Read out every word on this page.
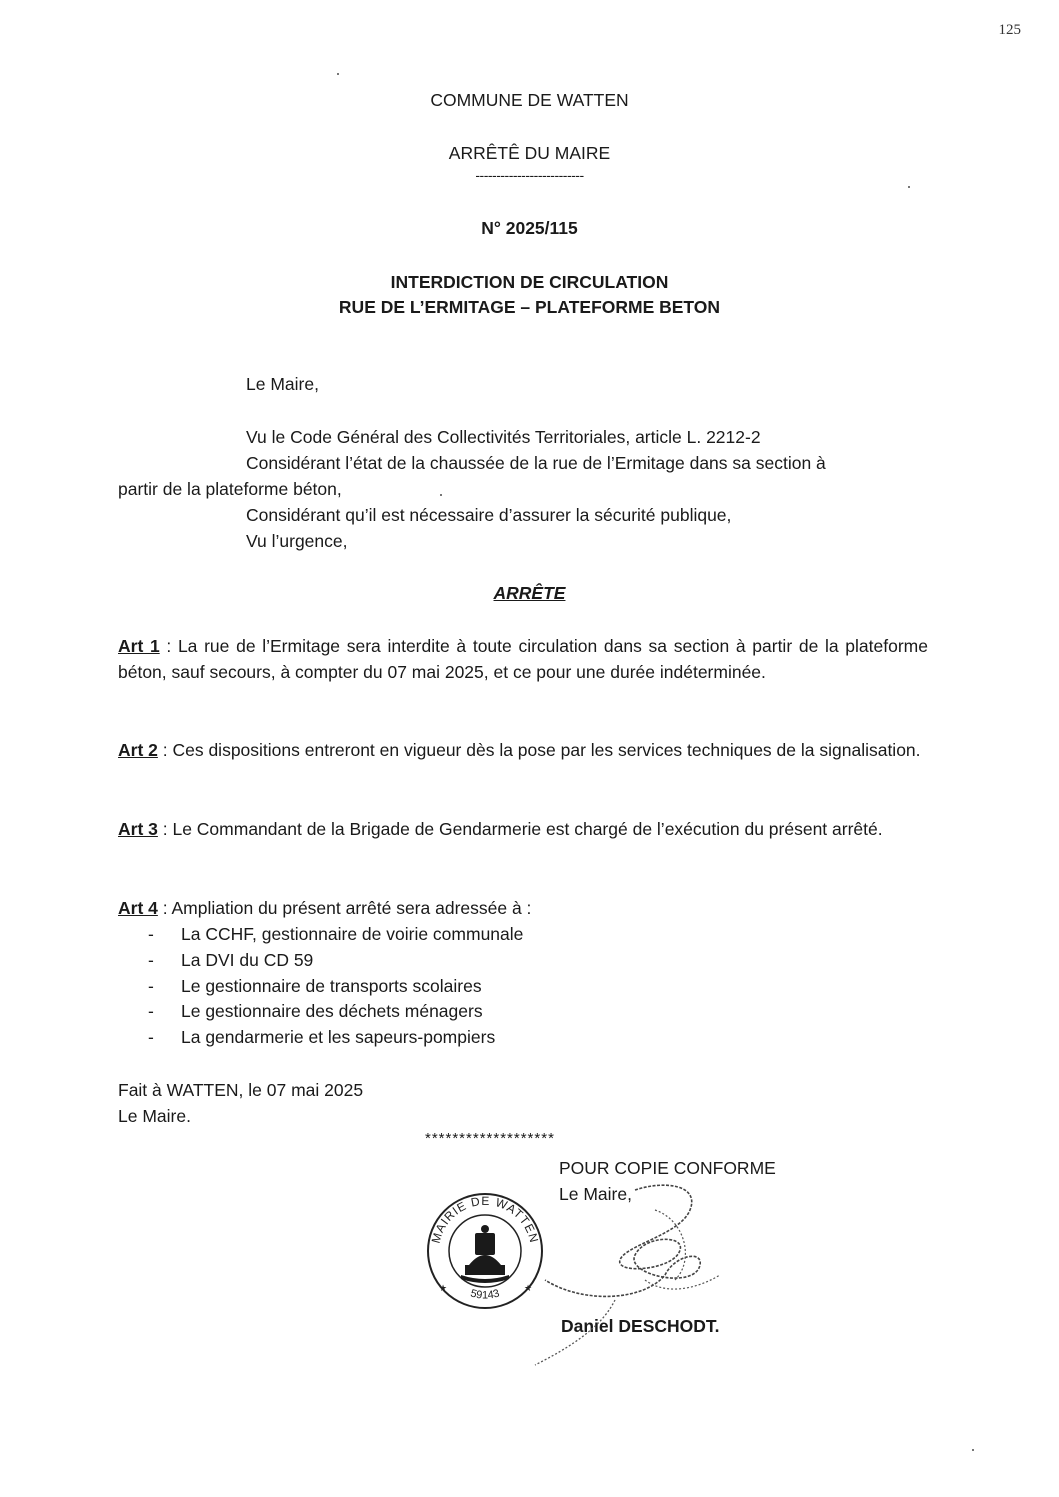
125
COMMUNE DE WATTEN
ARRÊTÊ DU MAIRE
--------------------------
N° 2025/115
INTERDICTION DE CIRCULATION
RUE DE L’ERMITAGE – PLATEFORME BETON
Le Maire,
Vu le Code Général des Collectivités Territoriales, article L. 2212-2
Considérant l’état de la chaussée de la rue de l’Ermitage dans sa section à
partir de la plateforme béton,
Considérant qu’il est nécessaire d’assurer la sécurité publique,
Vu l’urgence,
ARRÊTE
Art 1 : La rue de l’Ermitage sera interdite à toute circulation dans sa section à partir de la plateforme béton, sauf secours, à compter du 07 mai 2025, et ce pour une durée indéterminée.
Art 2 : Ces dispositions entreront en vigueur dès la pose par les services techniques de la signalisation.
Art 3 : Le Commandant de la Brigade de Gendarmerie est chargé de l’exécution du présent arrêté.
Art 4 : Ampliation du présent arrêté sera adressée à :
- La CCHF, gestionnaire de voirie communale
- La DVI du CD 59
- Le gestionnaire de transports scolaires
- Le gestionnaire des déchets ménagers
- La gendarmerie et les sapeurs-pompiers
Fait à WATTEN, le 07 mai 2025
Le Maire.
*******************
POUR COPIE CONFORME
Le Maire,
Daniel DESCHODT.
MAIRIE DE WATTEN
59143
★	★
